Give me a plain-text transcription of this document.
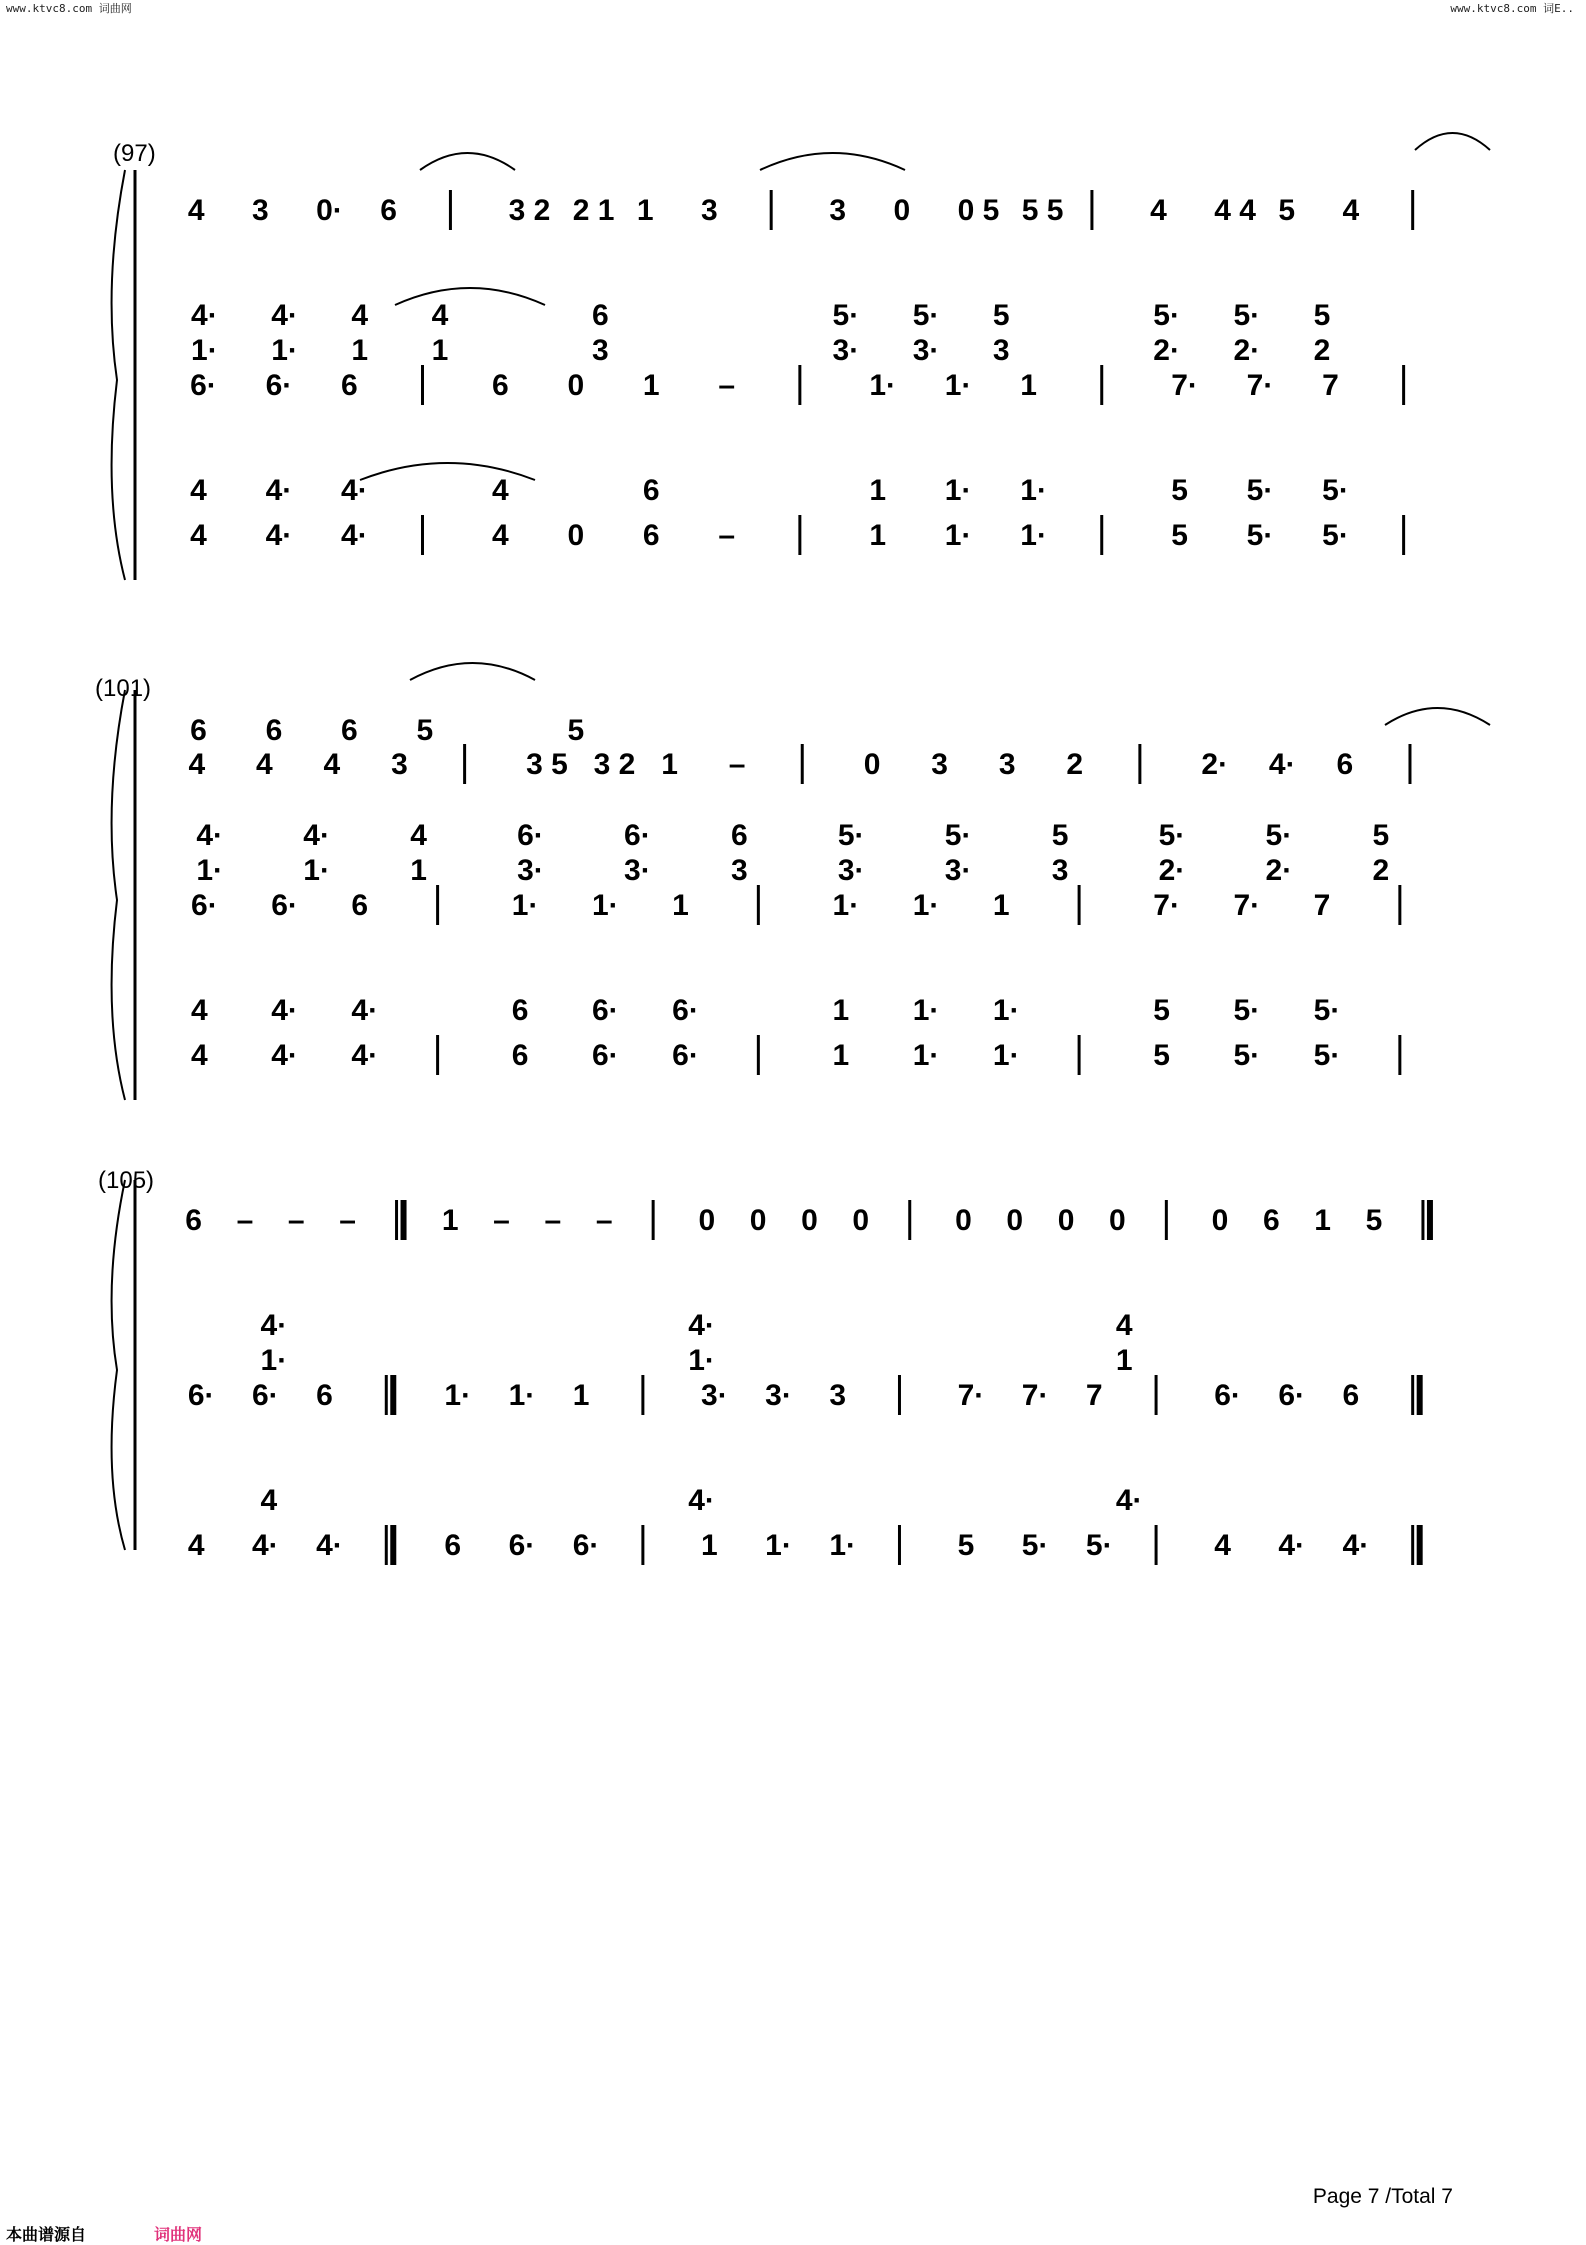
www.ktvc8.com 词曲网	www.ktvc8.com 词E..
(97)
(101)
(105)
4 3 0· 6	3 2 2 1 1 3	3 0 0 5 5 5	4 4 4 5 4
4· 4· 4 4	6	5· 5· 5	5· 5· 5
1· 1· 1 1	3	3· 3· 3	2· 2· 2
6· 6· 6	6 0 1 –	1· 1· 1	7· 7· 7
4 4· 4·	4	6	1 1· 1·	5 5· 5·
4 4· 4·	4 0 6 –	1 1· 1·	5 5· 5·
6 6 6 5	5
4 4 4 3	3 5 3 2 1 –	0 3 3 2	2· 4· 6
4·	4·	4	6·	6·	6	5·	5·	5	5·	5·	5
1·	1·	1	3·	3·	3	3·	3·	3	2·	2·	2
6· 6· 6	1· 1· 1	1· 1· 1	7· 7· 7
4 4· 4·	6 6· 6·	1 1· 1·	5 5· 5·
4 4· 4·	6 6· 6·	1 1· 1·	5 5· 5·
6 – – –	1 – – –	0 0 0 0	0 0 0 0	0 6 1 5
4·	4·	4
1·	1·	1
6· 6· 6	1· 1· 1	3· 3· 3	7· 7· 7	6· 6· 6
4	4·	4·
4 4· 4·	6 6· 6·	1 1· 1·	5 5· 5·	4 4· 4·
Page 7 /Total 7
本曲谱源自	词曲网
